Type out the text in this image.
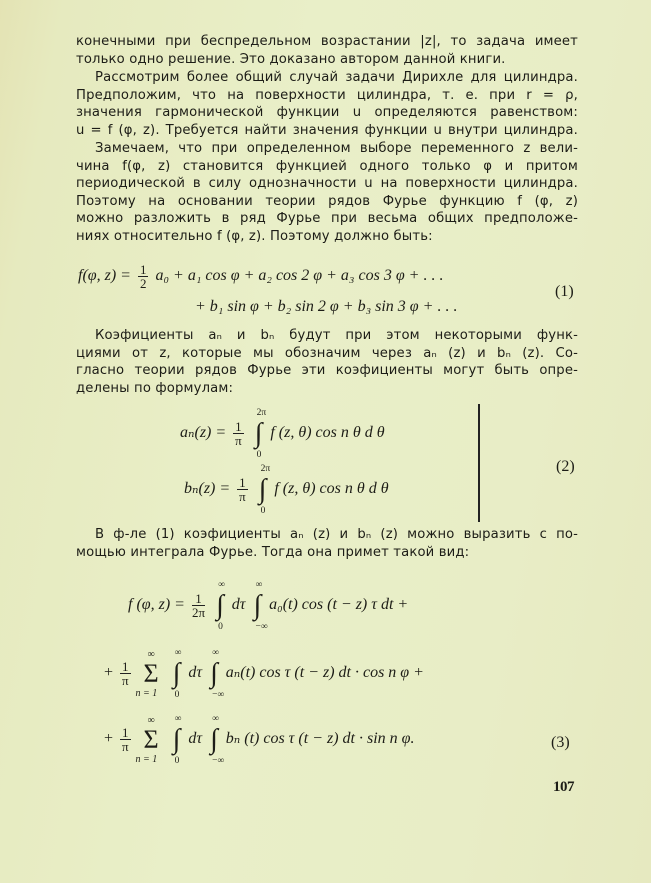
конечными при беспредельном возрастании |z|, то задача имеет
только одно решение. Это доказано автором данной книги.
Рассмотрим более общий случай задачи Дирихле для цилиндра.
Предположим, что на поверхности цилиндра, т. е. при r = ρ,
значения гармонической функции u определяются равенством:
u = f (φ, z). Требуется найти значения функции u внутри цилиндра.
Замечаем, что при определенном выборе переменного z вели-
чина f(φ, z) становится функцией одного только φ и притом
периодической в силу однозначности u на поверхности цилиндра.
Поэтому на основании теории рядов Фурье функцию f (φ, z)
можно разложить в ряд Фурье при весьма общих предположе-
ниях относительно f (φ, z). Поэтому должно быть:
f(φ, $z) = \frac{1}{2} a_0 + a_1$ cos φ + a₂ cos 2 φ + a₃ cos 3 φ + . . .
+ b₁ sin φ + b₂ sin 2 φ + b₃ sin 3 φ + . . .
(1)
Коэфициенты aₙ и bₙ будут при этом некоторыми функ-
циями от z, которые мы обозначим через aₙ (z) и bₙ (z). Со-
гласно теории рядов Фурье эти коэфициенты могут быть опре-
делены по формулам:
$a_n(z) = \frac{1}{\pi}$ ∫
2π
0
f (z, θ) cos n θ d θ
$b_n(z) = \frac{1}{\pi}$ ∫
2π
0
f (z, θ) cos n θ d θ
(2)
В ф-ле (1) коэфициенты aₙ (z) и bₙ (z) можно выразить с по-
мощью интеграла Фурье. Тогда она примет такой вид:
f (φ, $z) = \frac{1}{2\pi}$ ∫
∞
0
dτ ∫
∞
−∞
a₀(t) cos (t − z) τ dt +
+ $\frac{1}{\pi}$ Σ
∞
n = 1
∫
∞
0
dτ ∫
∞
−∞
aₙ(t) cos τ (t − z) dt · cos n φ +
+ $\frac{1}{\pi}$ Σ
∞
n = 1
∫
∞
0
dτ ∫
∞
−∞
bₙ (t) cos τ (t − z) dt · sin n φ.	(3)
107
